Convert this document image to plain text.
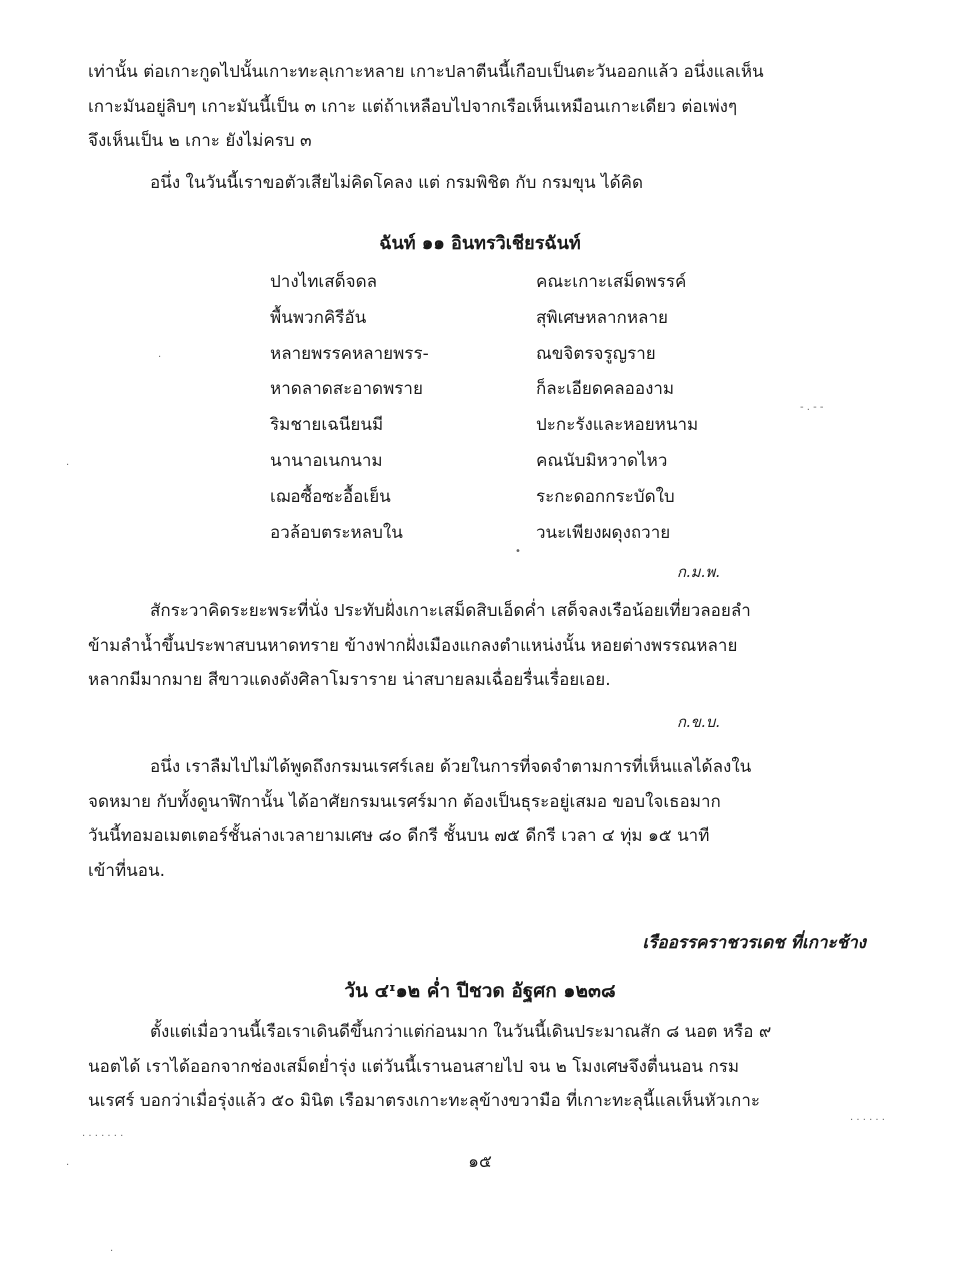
เท่านั้น ต่อเกาะกูดไปนั้นเกาะทะลุเกาะหลาย เกาะปลาตีนนี้เกือบเป็นตะวันออกแล้ว อนึ่งแลเห็น
เกาะมันอยู่ลิบๆ เกาะมันนี้เป็น ๓ เกาะ แต่ถ้าเหลือบไปจากเรือเห็นเหมือนเกาะเดียว ต่อเพ่งๆ
จึงเห็นเป็น ๒ เกาะ ยังไม่ครบ ๓
อนึ่ง ในวันนี้เราขอตัวเสียไม่คิดโคลง แต่ กรมพิชิต กับ กรมขุน ได้คิด
ฉันท์ ๑๑ อินทรวิเชียรฉันท์
ปางไทเสด็จดล	คณะเกาะเสม็ดพรรค์
พื้นพวกคิรีอัน	สุพิเศษหลากหลาย
หลายพรรคหลายพรร-	ณขจิตรจรูญราย
หาดลาดสะอาดพราย	ก็ละเอียดคลอองาม
ริมชายเฉนียนมี	ปะกะรังและหอยหนาม
นานาอเนกนาม	คณนับมิหวาดไหว
เฌอซื้อซะอื้อเย็น	ระกะดอกกระบัดใบ
อวล้อบตระหลบใน	วนะเพียงผดุงถวาย
ก.ม.พ.
สักระวาคิดระยะพระที่นั่ง ประทับฝั่งเกาะเสม็ดสิบเอ็ดค่ำ เสด็จลงเรือน้อยเที่ยวลอยลำ
ข้ามลำน้ำขึ้นประพาสบนหาดทราย ข้างฟากฝั่งเมืองแกลงตำแหน่งนั้น หอยต่างพรรณหลาย
หลากมีมากมาย สีขาวแดงดังศิลาโมราราย น่าสบายลมเฉื่อยรื่นเรื่อยเอย.
ก.ข.บ.
อนึ่ง เราลืมไปไม่ได้พูดถึงกรมนเรศร์เลย ด้วยในการที่จดจำตามการที่เห็นแลได้ลงใน
จดหมาย กับทั้งดูนาฬิกานั้น ได้อาศัยกรมนเรศร์มาก ต้องเป็นธุระอยู่เสมอ ขอบใจเธอมาก
วันนี้ทอมอเมตเตอร์ชั้นล่างเวลายามเศษ ๘๐ ดีกรี ชั้นบน ๗๕ ดีกรี เวลา ๔ ทุ่ม ๑๕ นาที
เข้าที่นอน.
เรืออรรคราชวรเดช ที่เกาะช้าง
วัน ๔ᶦ๑๒ ค่ำ ปีชวด อัฐศก ๑๒๓๘
ตั้งแต่เมื่อวานนี้เรือเราเดินดีขึ้นกว่าแต่ก่อนมาก ในวันนี้เดินประมาณสัก ๘ นอต หรือ ๙
นอตได้ เราได้ออกจากช่องเสม็ดย่ำรุ่ง แต่วันนี้เรานอนสายไป จน ๒ โมงเศษจึงตื่นนอน กรม
นเรศร์ บอกว่าเมื่อรุ่งแล้ว ๕๐ มินิต เรือมาตรงเกาะทะลุข้างขวามือ ที่เกาะทะลุนี้แลเห็นหัวเกาะ
๑๕
·
·
- . - -
•
. . . . . . .
. . . . . .
·
·
